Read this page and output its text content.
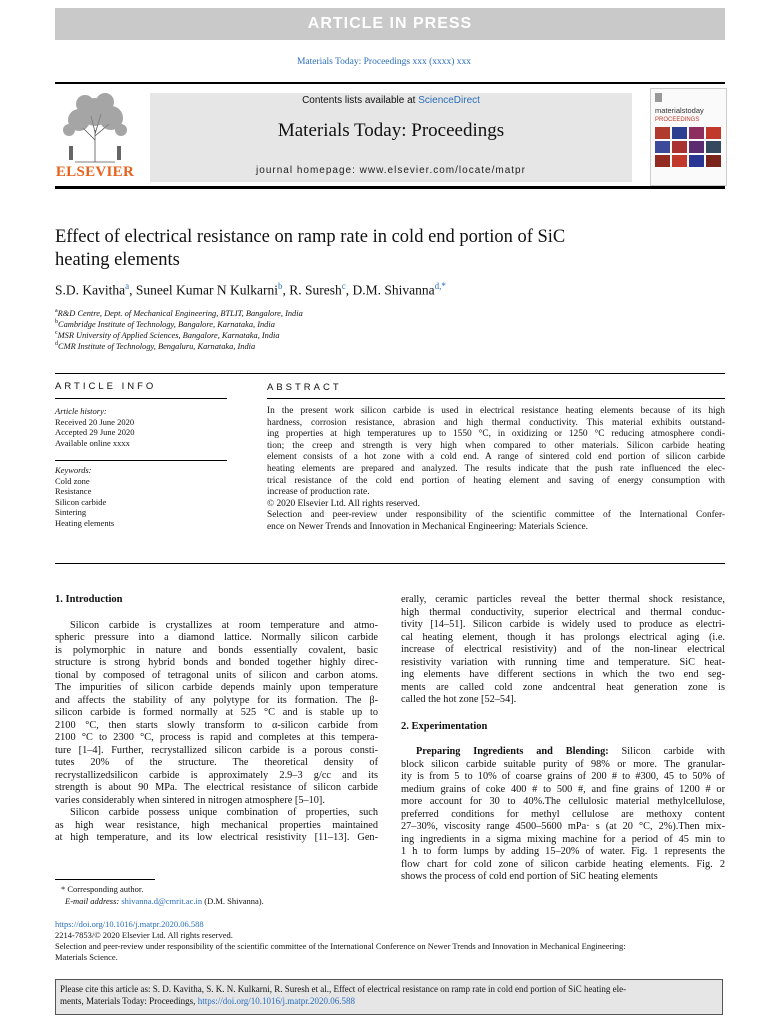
ARTICLE IN PRESS
Materials Today: Proceedings xxx (xxxx) xxx
ELSEVIER
Contents lists available at ScienceDirect
Materials Today: Proceedings
journal homepage: www.elsevier.com/locate/matpr
materialstoday
PROCEEDINGS
Effect of electrical resistance on ramp rate in cold end portion of SiC
heating elements
S.D. Kavitha$^a$, Suneel Kumar N Kulkarni$^b$, R. Suresh$^c$, D.M. Shivanna$^{d,*}$
$^a$R&D Centre, Dept. of Mechanical Engineering, BTLIT, Bangalore, India
$^b$Cambridge Institute of Technology, Bangalore, Karnataka, India
$^c$MSR University of Applied Sciences, Bangalore, Karnataka, India
$^d$CMR Institute of Technology, Bengaluru, Karnataka, India
ARTICLE INFO	ABSTRACT
Article history:
Received 20 June 2020
Accepted 29 June 2020
Available online xxxx
Keywords:
Cold zone
Resistance
Silicon carbide
Sintering
Heating elements
In the present work silicon carbide is used in electrical resistance heating elements because of its high
hardness, corrosion resistance, abrasion and high thermal conductivity. This material exhibits outstand-
ing properties at high temperatures up to 1550 °C, in oxidizing or 1250 °C reducing atmosphere condi-
tion; the creep and strength is very high when compared to other materials. Silicon carbide heating
element consists of a hot zone with a cold end. A range of sintered cold end portion of silicon carbide
heating elements are prepared and analyzed. The results indicate that the push rate influenced the elec-
trical resistance of the cold end portion of heating element and saving of energy consumption with
increase of production rate.
© 2020 Elsevier Ltd. All rights reserved.
Selection and peer-review under responsibility of the scientific committee of the International Confer-
ence on Newer Trends and Innovation in Mechanical Engineering: Materials Science.
1. Introduction
Silicon carbide is crystallizes at room temperature and atmo-
spheric pressure into a diamond lattice. Normally silicon carbide
is polymorphic in nature and bonds essentially covalent, basic
structure is strong hybrid bonds and bonded together highly direc-
tional by composed of tetragonal units of silicon and carbon atoms.
The impurities of silicon carbide depends mainly upon temperature
and affects the stability of any polytype for its formation. The β-
silicon carbide is formed normally at 525 °C and is stable up to
2100 °C, then starts slowly transform to α-silicon carbide from
2100 °C to 2300 °C, process is rapid and completes at this tempera-
ture [1–4]. Further, recrystallized silicon carbide is a porous consti-
tutes 20% of the structure. The theoretical density of
recrystallizedsilicon carbide is approximately 2.9–3 g/cc and its
strength is about 90 MPa. The electrical resistance of silicon carbide
varies considerably when sintered in nitrogen atmosphere [5–10].
Silicon carbide possess unique combination of properties, such
as high wear resistance, high mechanical properties maintained
at high temperature, and its low electrical resistivity [11–13]. Gen-
* Corresponding author.
E-mail address: shivanna.d@cmrit.ac.in (D.M. Shivanna).
erally, ceramic particles reveal the better thermal shock resistance,
high thermal conductivity, superior electrical and thermal conduc-
tivity [14–51]. Silicon carbide is widely used to produce as electri-
cal heating element, though it has prolongs electrical aging (i.e.
increase of electrical resistivity) and of the non-linear electrical
resistivity variation with running time and temperature. SiC heat-
ing elements have different sections in which the two end seg-
ments are called cold zone andcentral heat generation zone is
called the hot zone [52–54].
2. Experimentation
Preparing Ingredients and Blending: Silicon carbide with
block silicon carbide suitable purity of 98% or more. The granular-
ity is from 5 to 10% of coarse grains of 200 # to #300, 45 to 50% of
medium grains of coke 400 # to 500 #, and fine grains of 1200 # or
more account for 30 to 40%.The cellulosic material methylcellulose,
preferred conditions for methyl cellulose are methoxy content
27–30%, viscosity range 4500–5600 mPa· s (at 20 °C, 2%).Then mix-
ing ingredients in a sigma mixing machine for a period of 45 min to
1 h to form lumps by adding 15–20% of water. Fig. 1 represents the
flow chart for cold zone of silicon carbide heating elements. Fig. 2
shows the process of cold end portion of SiC heating elements
https://doi.org/10.1016/j.matpr.2020.06.588
2214-7853/© 2020 Elsevier Ltd. All rights reserved.
Selection and peer-review under responsibility of the scientific committee of the International Conference on Newer Trends and Innovation in Mechanical Engineering:
Materials Science.
Please cite this article as: S. D. Kavitha, S. K. N. Kulkarni, R. Suresh et al., Effect of electrical resistance on ramp rate in cold end portion of SiC heating ele-
ments, Materials Today: Proceedings, https://doi.org/10.1016/j.matpr.2020.06.588
